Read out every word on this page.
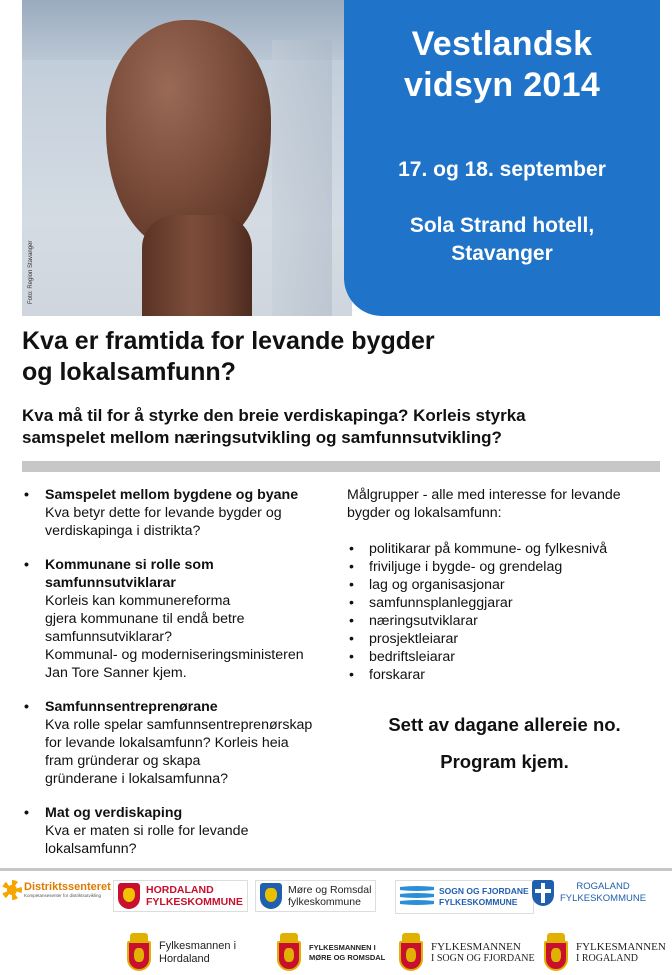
Foto: Region Stavanger
Vestlandsk
vidsyn 2014
17. og 18. september
Sola Strand hotell,
Stavanger
Kva er framtida for levande bygder
og lokalsamfunn?
Kva må til for å styrke den breie verdiskapinga? Korleis styrka
samspelet mellom næringsutvikling og samfunnsutvikling?
• Samspelet mellom bygdene og byane
Kva betyr dette for levande bygder og
verdiskapinga i distrikta?
• Kommunane si rolle som
samfunnsutviklarar
Korleis kan kommunereforma
gjera kommunane til endå betre
samfunnsutviklarar?
Kommunal- og moderniseringsministeren
Jan Tore Sanner kjem.
• Samfunnsentreprenørane
Kva rolle spelar samfunnsentreprenørskap
for levande lokalsamfunn? Korleis heia
fram gründerar og skapa
gründerane i lokalsamfunna?
• Mat og verdiskaping
Kva er maten si rolle for levande
lokalsamfunn?
Målgrupper - alle med interesse for levande
bygder og lokalsamfunn:
• politikarar på kommune- og fylkesnivå
• friviljuge i bygde- og grendelag
• lag og organisasjonar
• samfunnsplanleggjarar
• næringsutviklarar
• prosjektleiarar
• bedriftsleiarar
• forskarar
Sett av dagane allereie no.
Program kjem.
Distriktssenteret
Kompetansesenter for distriktsutvikling	HORDALAND
FYLKESKOMMUNE
Møre og Romsdal
fylkeskommune
SOGN OG FJORDANE
FYLKESKOMMUNE
ROGALAND
FYLKESKOMMUNE
Fylkesmannen i
Hordaland
FYLKESMANNEN I
MØRE OG ROMSDAL
FYLKESMANNEN
I SOGN OG FJORDANE
FYLKESMANNEN
I ROGALAND
